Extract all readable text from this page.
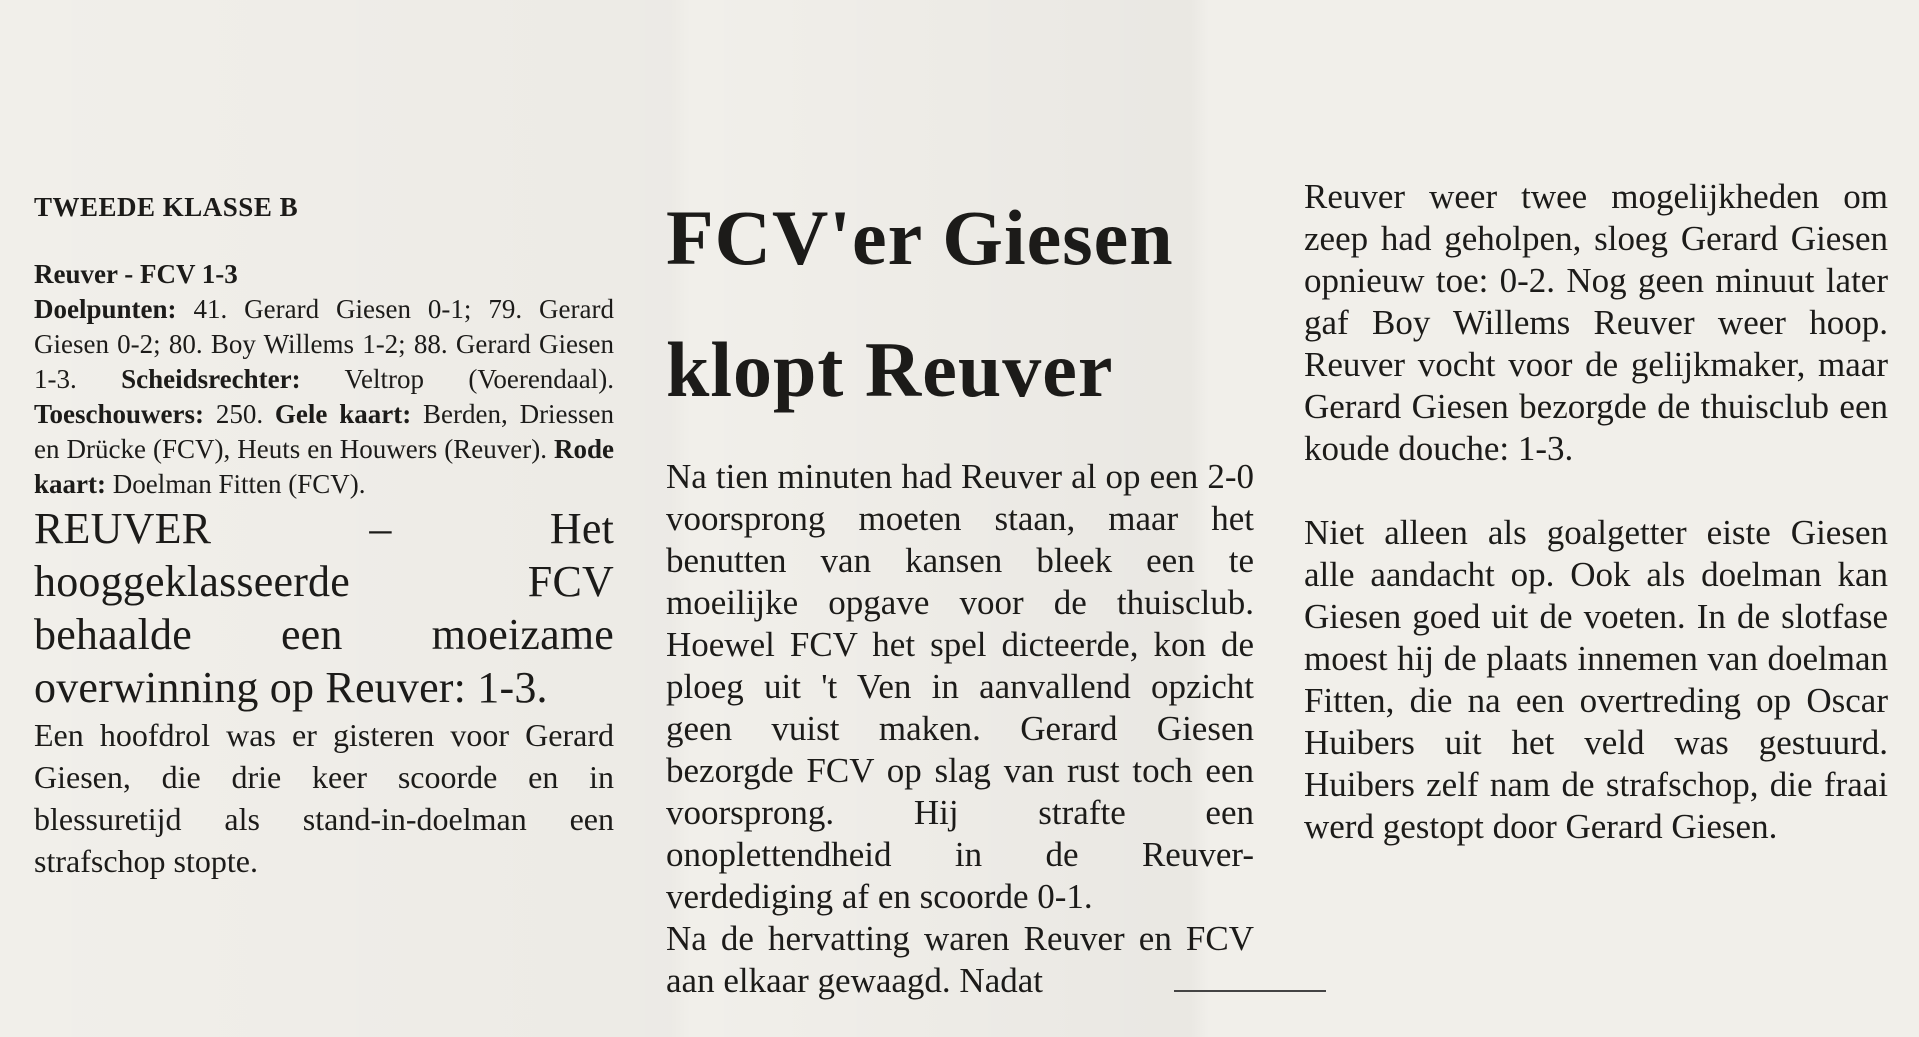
TWEEDE KLASSE B
Reuver - FCV 1-3
Doelpunten: 41. Gerard Giesen 0-1; 79. Gerard Giesen 0-2; 80. Boy Willems 1-2; 88. Gerard Giesen 1-3. Scheidsrechter: Veltrop (Voerendaal). Toeschouwers: 250. Gele kaart: Berden, Driessen en Drücke (FCV), Heuts en Houwers (Reuver). Rode kaart: Doelman Fitten (FCV).

REUVER – Het hooggeklasseerde FCV behaalde een moeizame overwinning op Reuver: 1-3.

Een hoofdrol was er gisteren voor Gerard Giesen, die drie keer scoorde en in blessuretijd als stand-in-doelman een strafschop stopte.

FCV'er Giesen
klopt Reuver

Na tien minuten had Reuver al op een 2-0 voorsprong moeten staan, maar het benutten van kansen bleek een te moeilijke opgave voor de thuisclub. Hoewel FCV het spel dicteerde, kon de ploeg uit 't Ven in aanvallend opzicht geen vuist maken. Gerard Giesen bezorgde FCV op slag van rust toch een voorsprong. Hij strafte een onoplettendheid in de Reuver-verdediging af en scoorde 0-1.

Na de hervatting waren Reuver en FCV aan elkaar gewaagd. Nadat

Reuver weer twee mogelijkheden om zeep had geholpen, sloeg Gerard Giesen opnieuw toe: 0-2. Nog geen minuut later gaf Boy Willems Reuver weer hoop. Reuver vocht voor de gelijkmaker, maar Gerard Giesen bezorgde de thuisclub een koude douche: 1-3.

Niet alleen als goalgetter eiste Giesen alle aandacht op. Ook als doelman kan Giesen goed uit de voeten. In de slotfase moest hij de plaats innemen van doelman Fitten, die na een overtreding op Oscar Huibers uit het veld was gestuurd. Huibers zelf nam de strafschop, die fraai werd gestopt door Gerard Giesen.
